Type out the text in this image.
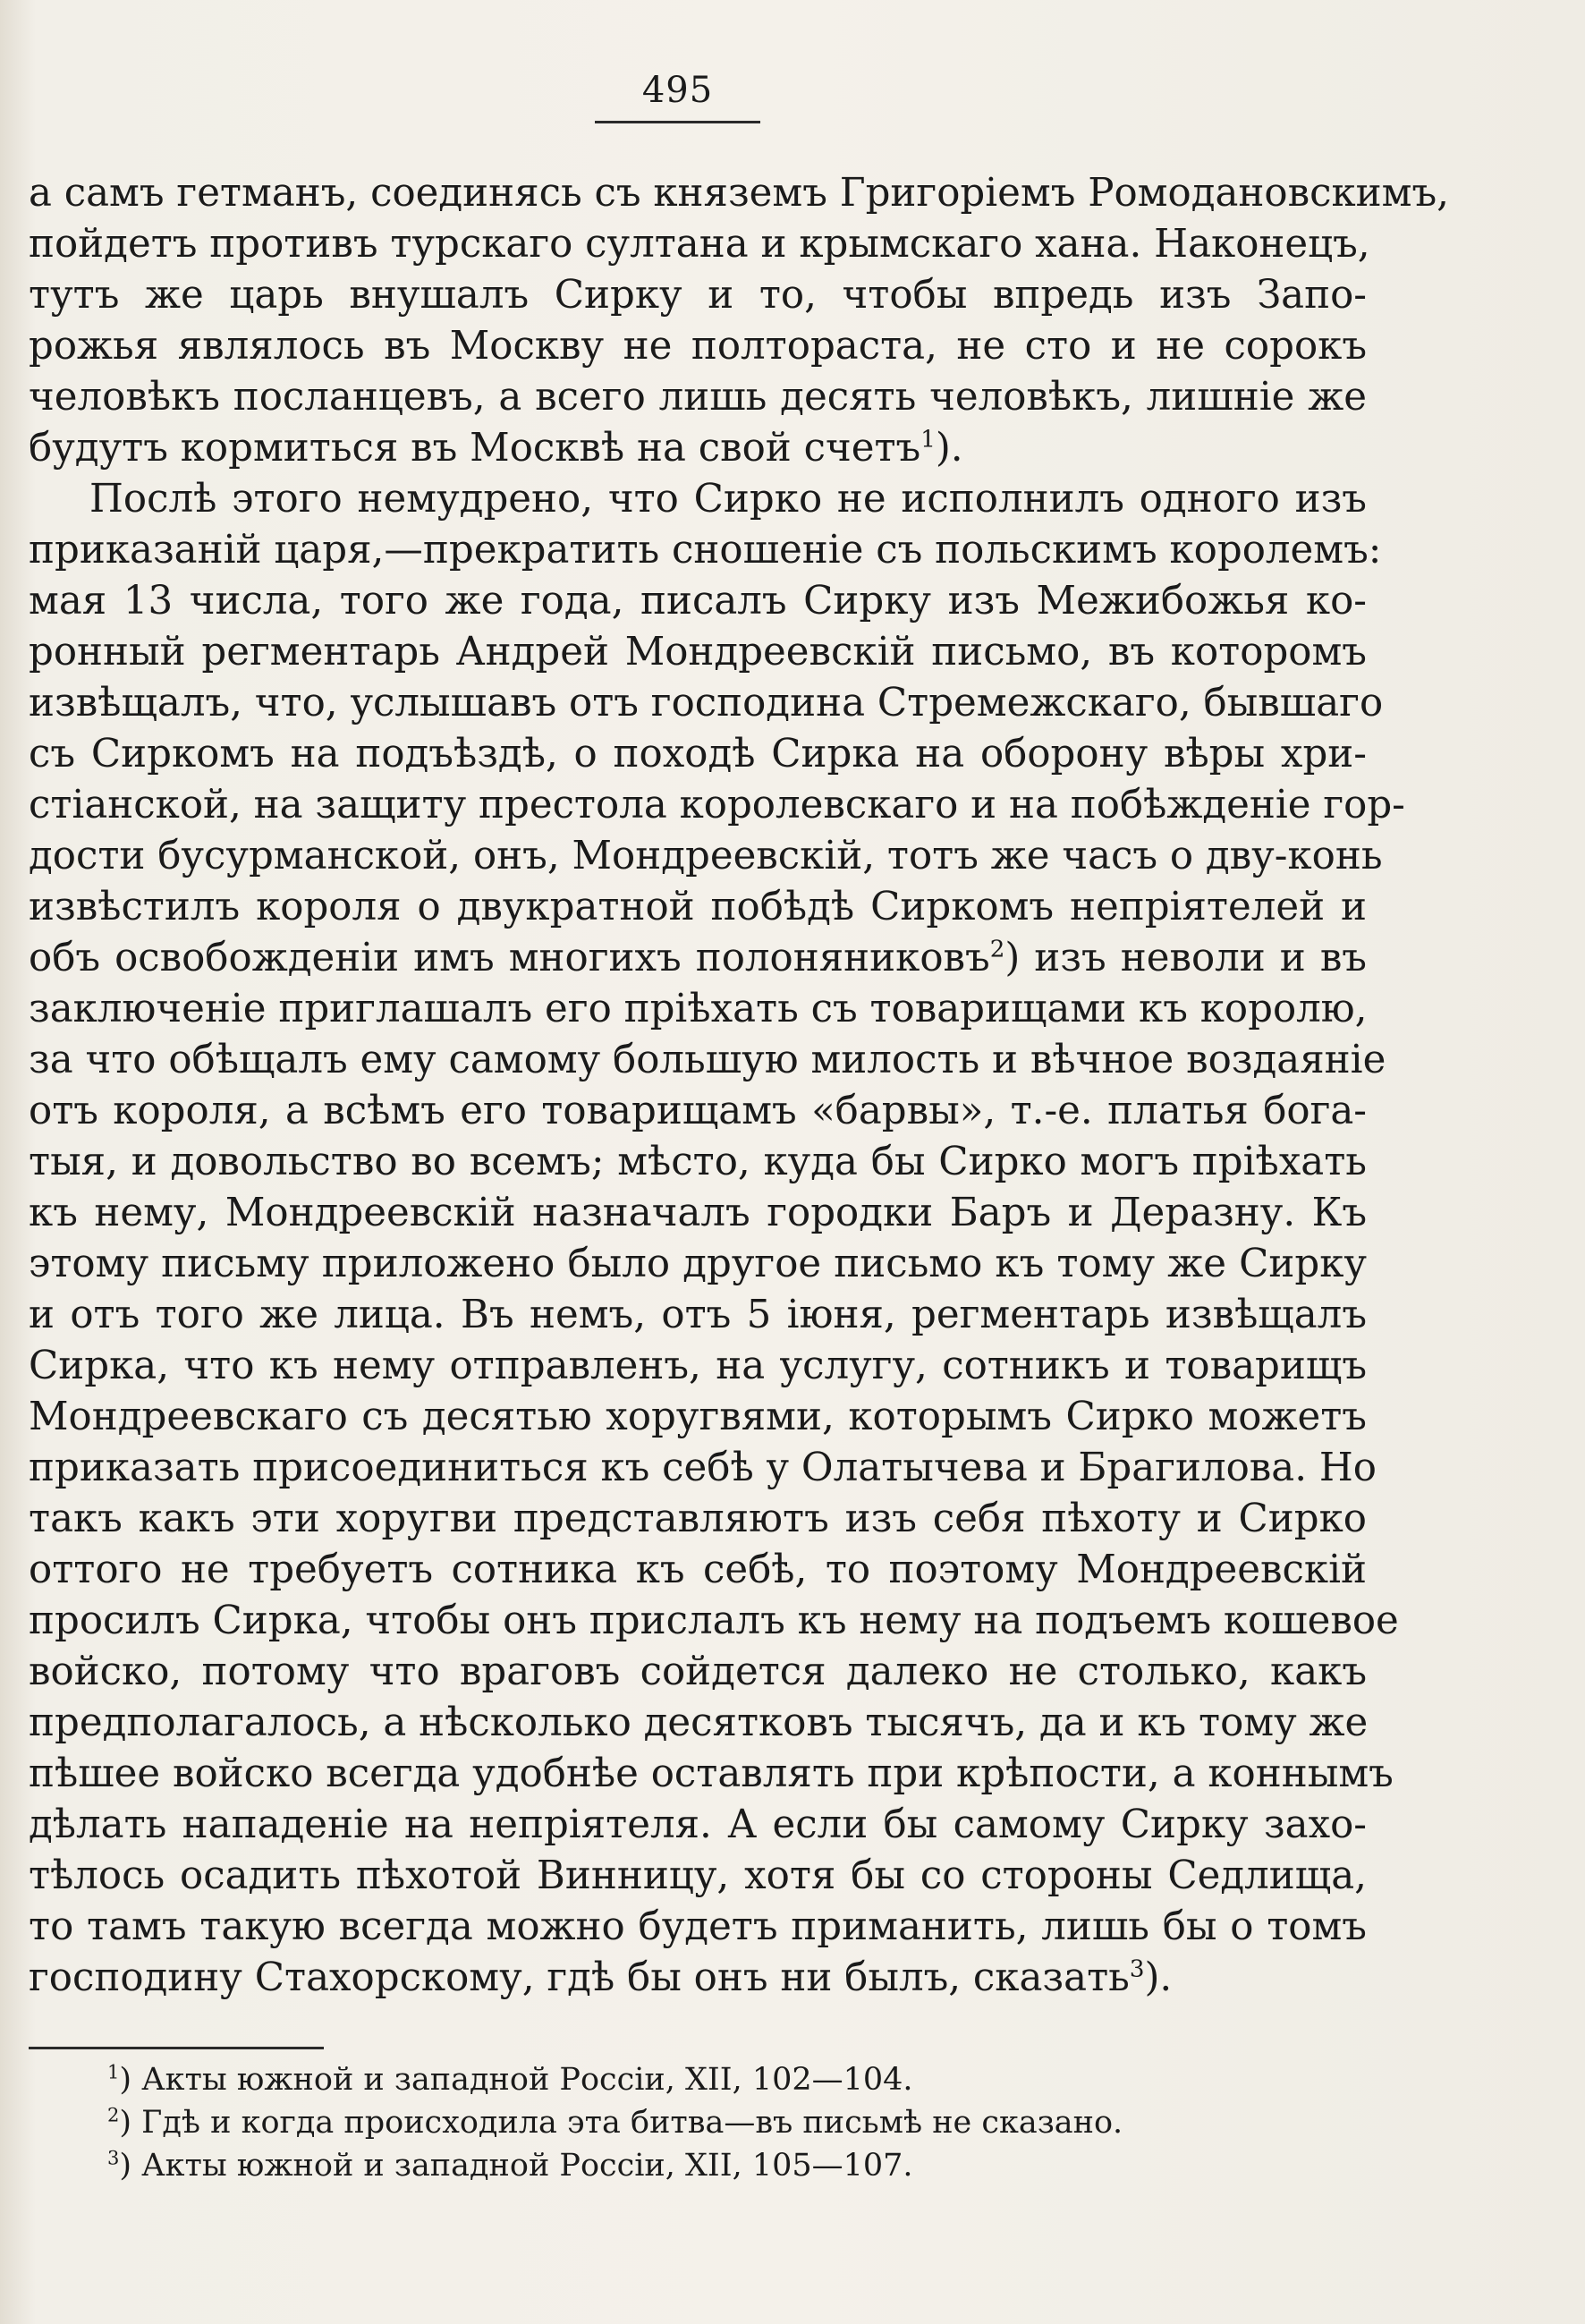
495
а самъ гетманъ, соединясь съ княземъ Григоріемъ Ромодановскимъ,
пойдетъ противъ турскаго султана и крымскаго хана. Наконецъ,
тутъ же царь внушалъ Сирку и то, чтобы впредь изъ Запо-
рожья являлось въ Москву не полтораста, не сто и не сорокъ
человѣкъ посланцевъ, а всего лишь десять человѣкъ, лишніе же
будутъ кормиться въ Москвѣ на свой счетъ$^1$).
Послѣ этого немудрено, что Сирко не исполнилъ одного изъ
приказаній царя,—прекратить сношеніе съ польскимъ королемъ:
мая 13 числа, того же года, писалъ Сирку изъ Межибожья ко-
ронный регментарь Андрей Мондреевскій письмо, въ которомъ
извѣщалъ, что, услышавъ отъ господина Стремежскаго, бывшаго
съ Сиркомъ на подъѣздѣ, о походѣ Сирка на оборону вѣры хри-
стіанской, на защиту престола королевскаго и на побѣжденіе гор-
дости бусурманской, онъ, Мондреевскій, тотъ же часъ о дву-конь
извѣстилъ короля о двукратной побѣдѣ Сиркомъ непріятелей и
объ освобожденіи имъ многихъ полоняниковъ$^2$) изъ неволи и въ
заключеніе приглашалъ его пріѣхать съ товарищами къ королю,
за что обѣщалъ ему самому большую милость и вѣчное воздаяніе
отъ короля, а всѣмъ его товарищамъ «барвы», т.-е. платья бога-
тыя, и довольство во всемъ; мѣсто, куда бы Сирко могъ пріѣхать
къ нему, Мондреевскій назначалъ городки Баръ и Деразну. Къ
этому письму приложено было другое письмо къ тому же Сирку
и отъ того же лица. Въ немъ, отъ 5 іюня, регментарь извѣщалъ
Сирка, что къ нему отправленъ, на услугу, сотникъ и товарищъ
Мондреевскаго съ десятью хоругвями, которымъ Сирко можетъ
приказать присоединиться къ себѣ у Олатычева и Брагилова. Но
такъ какъ эти хоругви представляютъ изъ себя пѣхоту и Сирко
оттого не требуетъ сотника къ себѣ, то поэтому Мондреевскій
просилъ Сирка, чтобы онъ прислалъ къ нему на подъемъ кошевое
войско, потому что враговъ сойдется далеко не столько, какъ
предполагалось, а нѣсколько десятковъ тысячъ, да и къ тому же
пѣшее войско всегда удобнѣе оставлять при крѣпости, а коннымъ
дѣлать нападеніе на непріятеля. А если бы самому Сирку захо-
тѣлось осадить пѣхотой Винницу, хотя бы со стороны Седлища,
то тамъ такую всегда можно будетъ приманить, лишь бы о томъ
господину Стахорскому, гдѣ бы онъ ни былъ, сказать$^3$).
$^1$) Акты южной и западной Россіи, XII, 102—104.
$^2$) Гдѣ и когда происходила эта битва—въ письмѣ не сказано.
$^3$) Акты южной и западной Россіи, XII, 105—107.
